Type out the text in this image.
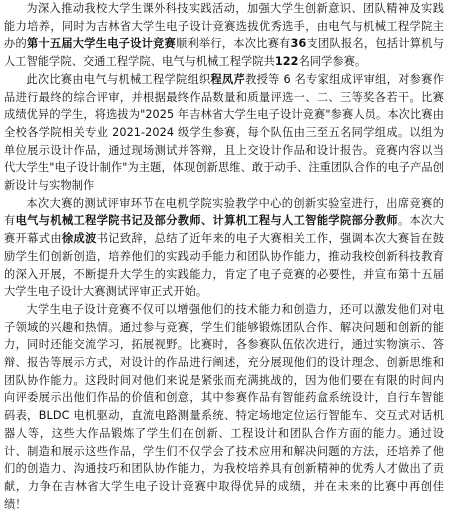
为深入推动我校大学生课外科技实践活动，加强大学生创新意识、团队精神及实践能力培养，同时为吉林省大学生电子设计竞赛选拔优秀选手，由电气与机械工程学院主办的第十五届大学生电子设计竞赛顺利举行，本次比赛有36支团队报名，包括计算机与人工智能学院、交通工程学院、电气与机械工程学院共122名同学参赛。

此次比赛由电气与机械工程学院组织程凤芹教授等 6 名专家组成评审组，对参赛作品进行最终的综合评审，并根据最终作品数量和质量评选一、二、三等奖各若干。比赛成绩优异的学生，将选拔为"2025 年吉林省大学生电子设计竞赛"参赛人员。本次比赛由全校各学院相关专业 2021-2024 级学生参赛，每个队伍由三至五名同学组成。以组为单位展示设计作品，通过现场测试并答辩，且上交设计作品和设计报告。竞赛内容以当代大学生"电子设计制作"为主题，体现创新思维、敢于动手、注重团队合作的电子产品创新设计与实物制作

本次大赛的测试评审环节在电机学院实验教学中心的创新实验室进行，出席竞赛的有电气与机械工程学院书记及部分教师、计算机工程与人工智能学院部分教师。本次大赛开幕式由徐成波书记致辞，总结了近年来的电子大赛相关工作，强调本次大赛旨在鼓励学生们创新创造，培养他们的实践动手能力和团队协作能力，推动我校创新科技教育的深入开展，不断提升大学生的实践能力，肯定了电子竞赛的必要性，并宣布第十五届大学生电子设计大赛测试评审正式开始。

大学生电子设计竞赛不仅可以增强他们的技术能力和创造力，还可以激发他们对电子领域的兴趣和热情。通过参与竞赛，学生们能够锻炼团队合作、解决问题和创新的能力，同时还能交流学习，拓展视野。比赛时，各参赛队伍依次进行，通过实物演示、答辩、报告等展示方式，对设计的作品进行阐述，充分展现他们的设计理念、创新思维和团队协作能力。这段时间对他们来说是紧张而充满挑战的，因为他们要在有限的时间内向评委展示出他们作品的价值和创意，其中参赛作品有智能药盒系统设计，自行车智能码表，BLDC 电机驱动，直流电路测量系统、特定场地定位运行智能车、交互式对话机器人等，这些大作品锻炼了学生们在创新、工程设计和团队合作方面的能力。通过设计、制造和展示这些作品，学生们不仅学会了技术应用和解决问题的方法，还培养了他们的创造力、沟通技巧和团队协作能力，为我校培养具有创新精神的优秀人才做出了贡献，力争在吉林省大学生电子设计竞赛中取得优异的成绩，并在未来的比赛中再创佳绩！
